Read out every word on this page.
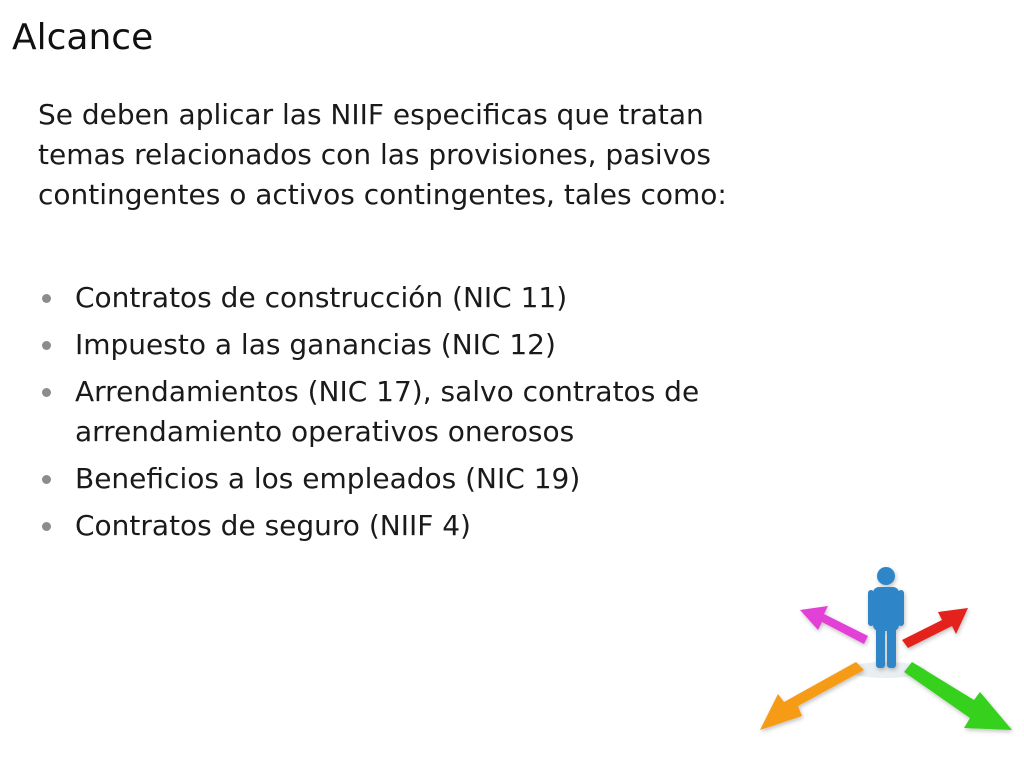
Alcance

Se deben aplicar las NIIF especificas que tratan
temas relacionados con las provisiones, pasivos
contingentes o activos contingentes, tales como:

Contratos de construcción (NIC 11)
Impuesto a las ganancias (NIC 12)
Arrendamientos (NIC 17), salvo contratos de
arrendamiento operativos onerosos
Beneficios a los empleados (NIC 19)
Contratos de seguro (NIIF 4)
